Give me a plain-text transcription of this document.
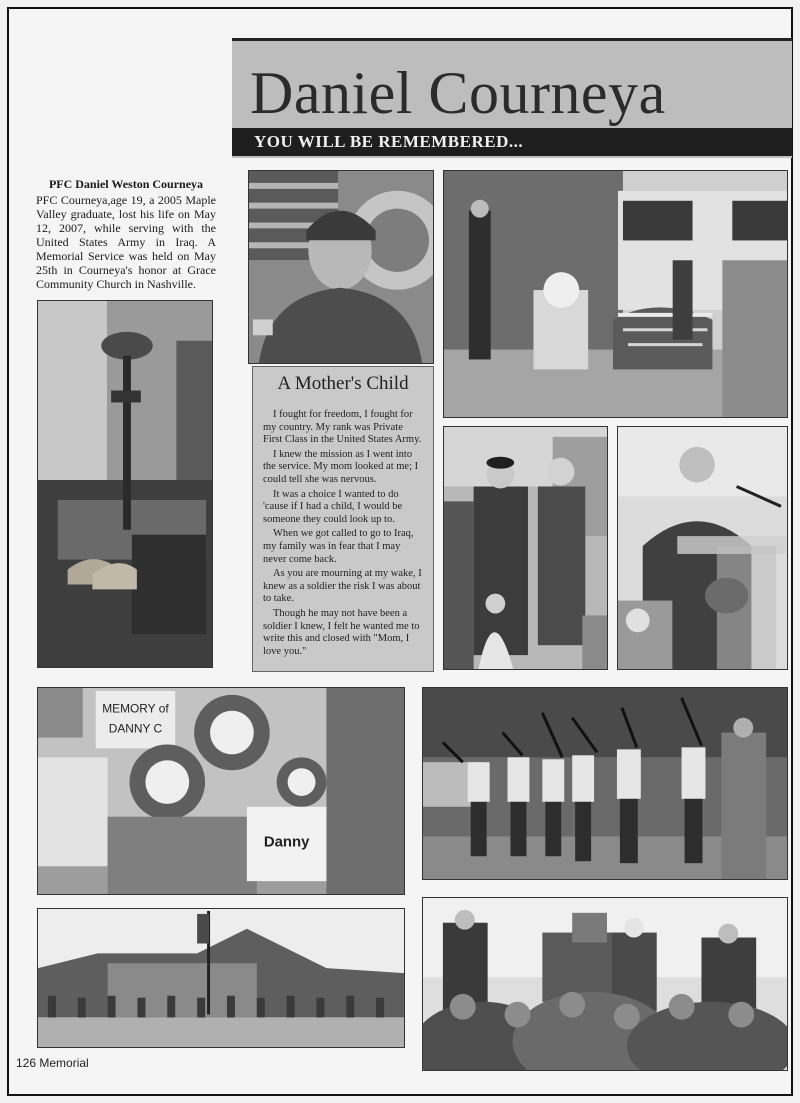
Daniel Courneya
YOU WILL BE REMEMBERED...
PFC Daniel Weston Courneya
PFC Courneya,age 19, a 2005 Maple Valley graduate, lost his life on May 12, 2007, while serving with the United States Army in Iraq. A Memorial Service was held on May 25th in Courneya's honor at Grace Community Church in Nashville.
A Mother's Child

I fought for freedom, I fought for my country. My rank was Private First Class in the United States Army.

I knew the mission as I went into the service. My mom looked at me; I could tell she was nervous.

It was a choice I wanted to do 'cause if I had a child, I would be someone they could look up to.

When we got called to go to Iraq, my family was in fear that I may never come back.

As you are mourning at my wake, I knew as a soldier the risk I was about to take.

Though he may not have been a soldier I knew, I felt he wanted me to write this and closed with "Mom, I love you."

MEMORY of
DANNY C
Danny
126 Memorial
